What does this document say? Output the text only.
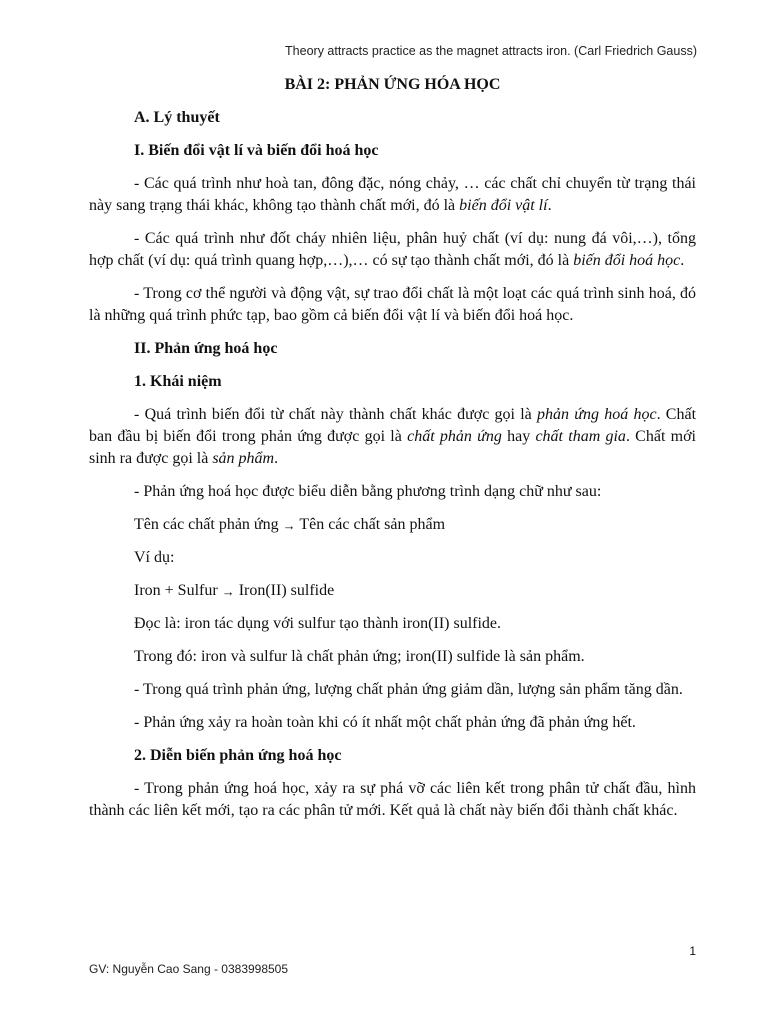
Theory attracts practice as the magnet attracts iron. (Carl Friedrich Gauss)
BÀI 2: PHẢN ỨNG HÓA HỌC
A. Lý thuyết
I. Biến đổi vật lí và biến đổi hoá học

- Các quá trình như hoà tan, đông đặc, nóng chảy, … các chất chỉ chuyển từ trạng thái này sang trạng thái khác, không tạo thành chất mới, đó là biến đổi vật lí.

- Các quá trình như đốt cháy nhiên liệu, phân huỷ chất (ví dụ: nung đá vôi,…), tổng hợp chất (ví dụ: quá trình quang hợp,…),… có sự tạo thành chất mới, đó là biến đổi hoá học.

- Trong cơ thể người và động vật, sự trao đổi chất là một loạt các quá trình sinh hoá, đó là những quá trình phức tạp, bao gồm cả biến đổi vật lí và biến đổi hoá học.

II. Phản ứng hoá học
1. Khái niệm

- Quá trình biến đổi từ chất này thành chất khác được gọi là phản ứng hoá học. Chất ban đầu bị biến đổi trong phản ứng được gọi là chất phản ứng hay chất tham gia. Chất mới sinh ra được gọi là sản phẩm.

- Phản ứng hoá học được biểu diễn bằng phương trình dạng chữ như sau:

Tên các chất phản ứng → Tên các chất sản phẩm

Ví dụ:

Iron + Sulfur → Iron(II) sulfide

Đọc là: iron tác dụng với sulfur tạo thành iron(II) sulfide.

Trong đó: iron và sulfur là chất phản ứng; iron(II) sulfide là sản phẩm.

- Trong quá trình phản ứng, lượng chất phản ứng giảm dần, lượng sản phẩm tăng dần.

- Phản ứng xảy ra hoàn toàn khi có ít nhất một chất phản ứng đã phản ứng hết.

2. Diễn biến phản ứng hoá học

- Trong phản ứng hoá học, xảy ra sự phá vỡ các liên kết trong phân tử chất đầu, hình thành các liên kết mới, tạo ra các phân tử mới. Kết quả là chất này biến đổi thành chất khác.

1
GV: Nguyễn Cao Sang - 0383998505
